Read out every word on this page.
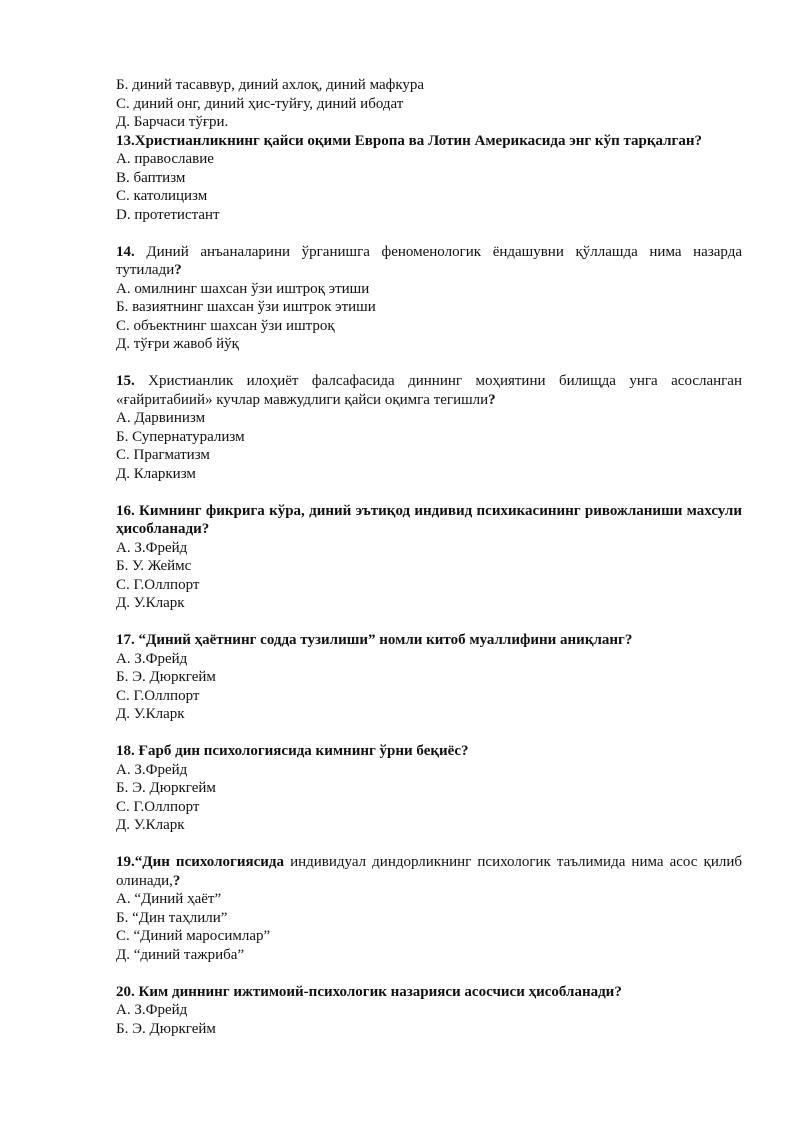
Б. диний тасаввур, диний ахлоқ, диний мафкура
С. диний онг, диний ҳис-туйғу, диний ибодат
Д. Барчаси тўғри.
13.Христианликнинг қайси оқими Европа ва Лотин Америкасида энг кўп тарқалган?
A. православие
B. баптизм
C. католицизм
D. протетистант
14. Диний анъаналарини ўрганишга феноменологик ёндашувни қўллашда нима назарда тутилади?
А. омилнинг шахсан ўзи иштроқ этиши
Б. вазиятнинг шахсан ўзи иштрок этиши
С. объектнинг шахсан ўзи иштроқ
Д. тўғри жавоб йўқ
15. Христианлик илоҳиёт фалсафасида диннинг моҳиятини билищда унга асосланган «ғайритабиий» кучлар мавжудлиги қайси оқимга тегишли?
А. Дарвинизм
Б. Супернатурализм
С. Прагматизм
Д. Кларкизм
16. Кимнинг фикрига кўра, диний эътиқод индивид психикасининг ривожланиши махсули ҳисобланади?
А. З.Фрейд
Б. У. Жеймс
С. Г.Оллпорт
Д. У.Кларк
17. “Диний ҳаётнинг содда тузилиши” номли китоб муаллифини аниқланг?
А. З.Фрейд
Б. Э. Дюркгейм
С. Г.Оллпорт
Д. У.Кларк
18. Ғарб дин психологиясида кимнинг ўрни беқиёс?
А. З.Фрейд
Б. Э. Дюркгейм
С. Г.Оллпорт
Д. У.Кларк
19.“Дин психологиясида индивидуал диндорликнинг психологик таълимида нима асос қилиб олинади,?
А. “Диний ҳаёт”
Б. “Дин таҳлили”
С. “Диний маросимлар”
Д. “диний тажриба”
20. Ким диннинг ижтимоий-психологик назарияси асосчиси ҳисобланади?
А. З.Фрейд
Б. Э. Дюркгейм
